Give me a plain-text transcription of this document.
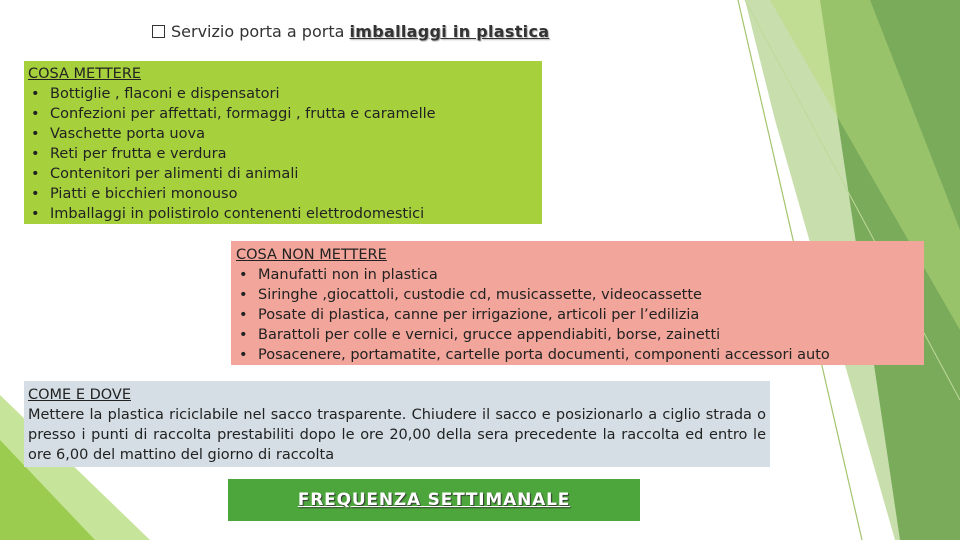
Servizio porta a porta imballaggi in plastica
COSA METTERE
• Bottiglie , flaconi e dispensatori
• Confezioni per affettati, formaggi , frutta e caramelle
• Vaschette porta uova
• Reti per frutta e verdura
• Contenitori per alimenti di animali
• Piatti e bicchieri monouso
• Imballaggi in polistirolo contenenti elettrodomestici
COSA NON METTERE
• Manufatti non in plastica
• Siringhe ,giocattoli, custodie cd, musicassette, videocassette
• Posate di plastica, canne per irrigazione, articoli per l’edilizia
• Barattoli per colle e vernici, grucce appendiabiti, borse, zainetti
• Posacenere, portamatite, cartelle porta documenti, componenti accessori auto
COME E DOVE
Mettere la plastica riciclabile nel sacco trasparente. Chiudere il sacco e posizionarlo a ciglio strada o presso i punti di raccolta prestabiliti dopo le ore 20,00 della sera precedente la raccolta ed entro le ore 6,00 del mattino del giorno di raccolta
FREQUENZA SETTIMANALE
